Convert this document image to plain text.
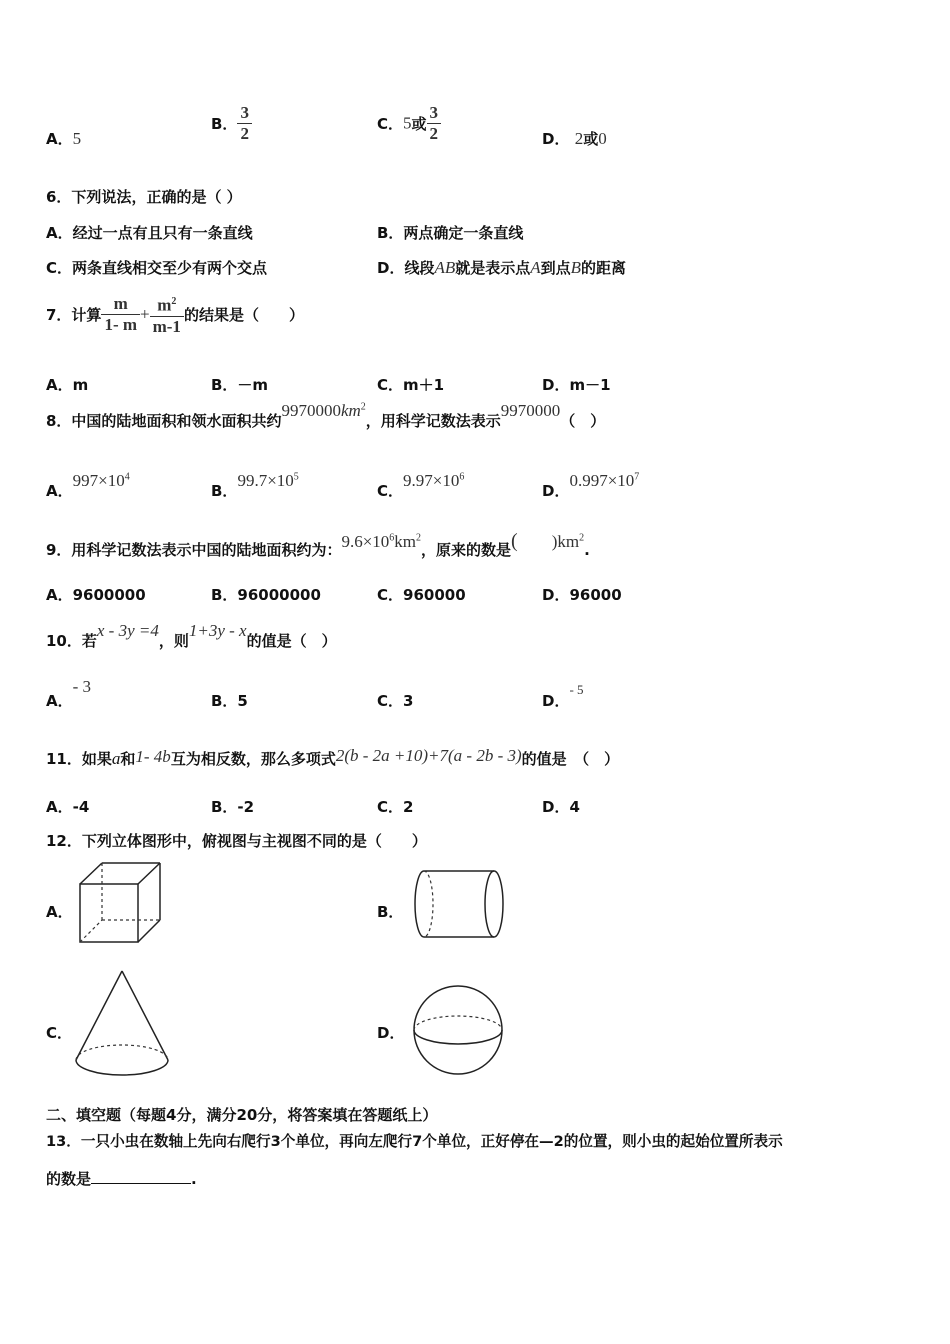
A．5
B． $\frac{3}{2}$	C．5或 $\frac{3}{2}$	D． 2或0
6．下列说法，正确的是（ ）
A．经过一点有且只有一条直线	B．两点确定一条直线
C．两条直线相交至少有两个交点	D．线段AB就是表示点A到点B的距离
7．计算 $\frac{m}{1- m} + \frac{m^2}{m-1}$ 的结果是（　　）
A．m	B．－m	C．m＋1	D．m－1
8．中国的陆地面积和领水面积共约$9970000km^2$，用科学记数法表示9970000（　）
A．$997\times 10^4$
B．$99.7\times 10^5$
C．$9.97\times 10^6$
D．$0.997\times 10^7$
9．用科学记数法表示中国的陆地面积约为：$9.6\times 10^6km^2$，原来的数是( )$km^2$.
A．9600000	B．96000000	C．960000	D．96000
10．若x - 3y =4，则1+3y - x的值是（　）
A．- 3
B．5	C．3	D．- 5
11．如果a和1- 4b互为相反数，那么多项式2(b - 2a +10)+7(a - 2b - 3)的值是　（　）
A．-4	B．-2	C．2	D．4
12．下列立体图形中，俯视图与主视图不同的是（　　）
A．	B．
C．	D．
二、填空题（每题4分，满分20分，将答案填在答题纸上）
13．一只小虫在数轴上先向右爬行3个单位，再向左爬行7个单位，正好停在—2的位置，则小虫的起始位置所表示
的数是	.
